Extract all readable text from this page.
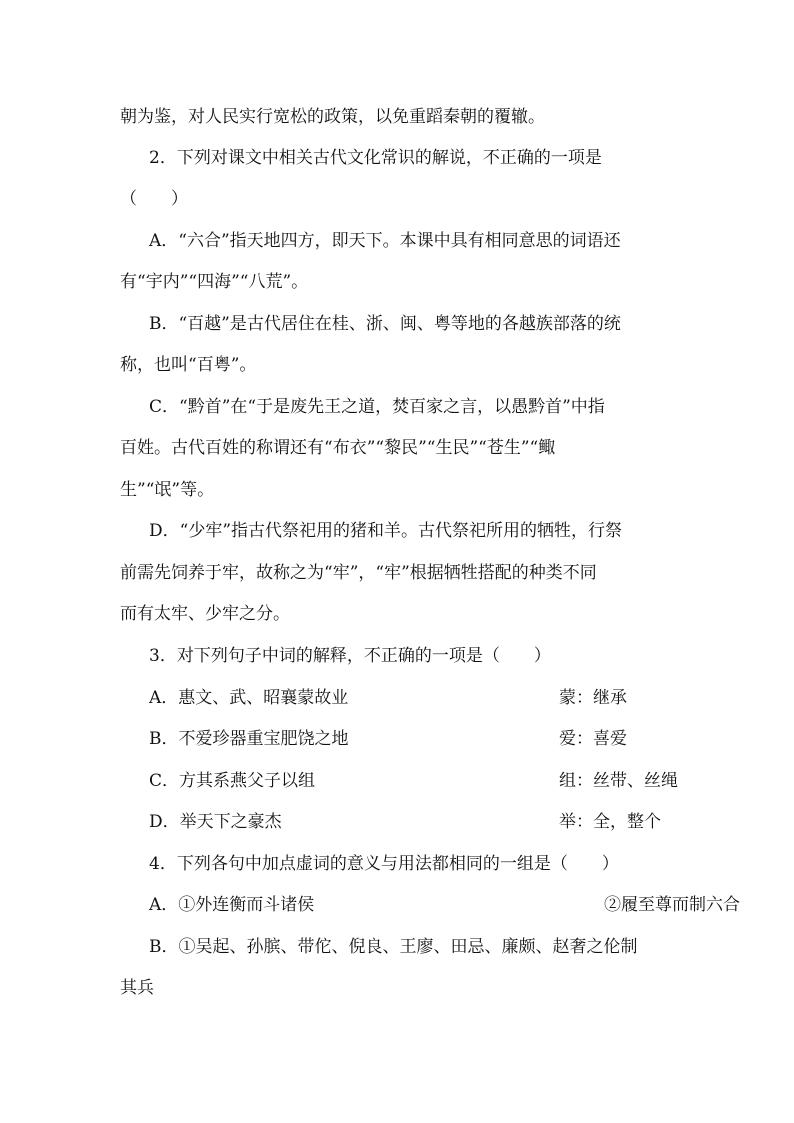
朝为鉴，对人民实行宽松的政策，以免重蹈秦朝的覆辙。
2．下列对课文中相关古代文化常识的解说，不正确的一项是
（　　）
A．“六合”指天地四方，即天下。本课中具有相同意思的词语还
有“宇内”“四海”“八荒”。
B．“百越”是古代居住在桂、浙、闽、粤等地的各越族部落的统
称，也叫“百粤”。
C．“黔首”在“于是废先王之道，焚百家之言，以愚黔首”中指
百姓。古代百姓的称谓还有“布衣”“黎民”“生民”“苍生”“鲰
生”“氓”等。
D．“少牢”指古代祭祀用的猪和羊。古代祭祀所用的牺牲，行祭
前需先饲养于牢，故称之为“牢”，“牢”根据牺牲搭配的种类不同
而有太牢、少牢之分。
3．对下列句子中词的解释，不正确的一项是（　　）
A．惠文、武、昭襄蒙故业	蒙：继承
B．不爱珍器重宝肥饶之地	爱：喜爱
C．方其系燕父子以组	组：丝带、丝绳
D．举天下之豪杰	举：全，整个
4．下列各句中加点虚词的意义与用法都相同的一组是（　　）
A．①外连衡而斗诸侯	②履至尊而制六合
B．①吴起、孙膑、带佗、倪良、王廖、田忌、廉颇、赵奢之伦制
其兵
